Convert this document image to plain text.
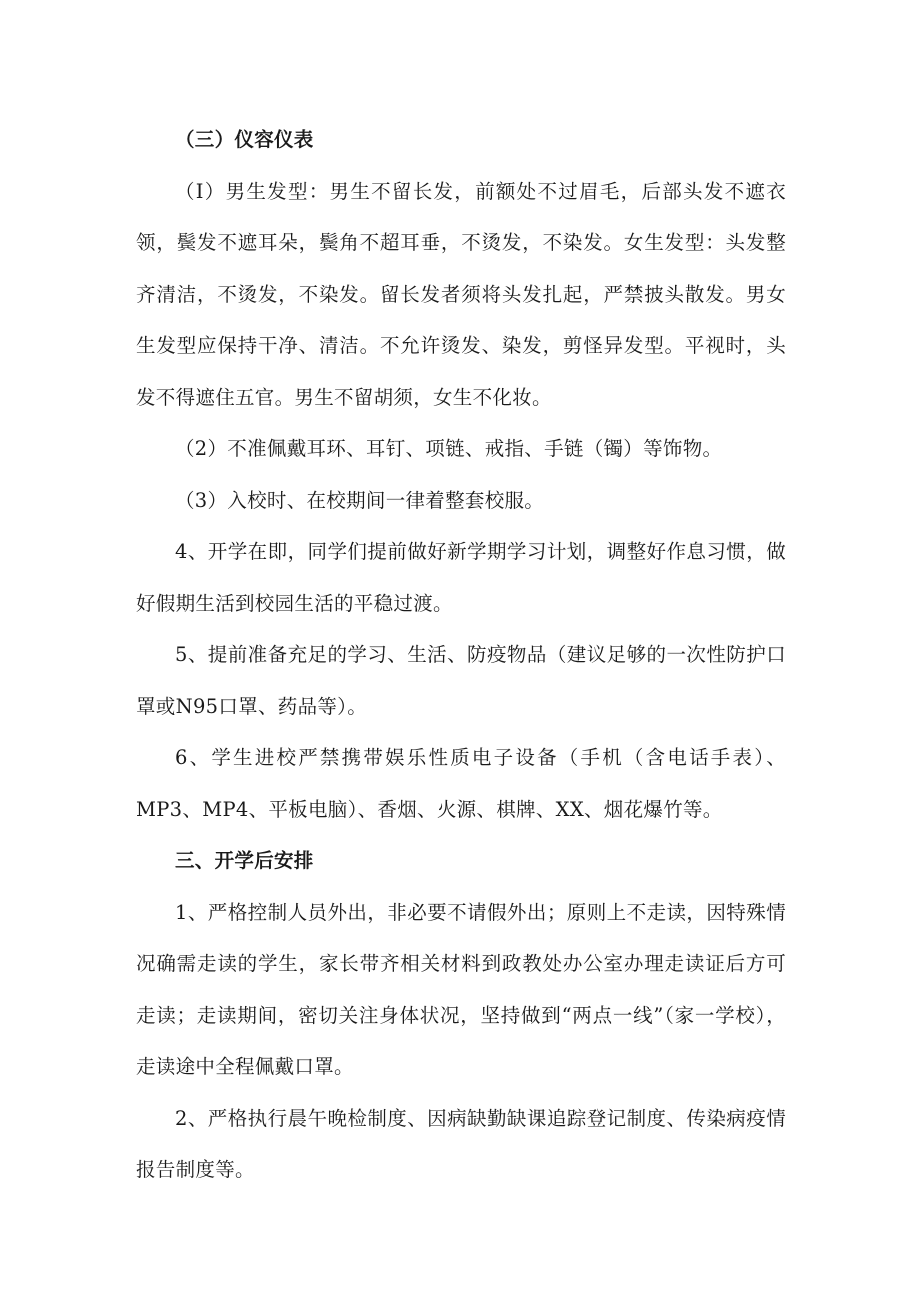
（三）仪容仪表

（I）男生发型：男生不留长发，前额处不过眉毛，后部头发不遮衣领，鬓发不遮耳朵，鬓角不超耳垂，不烫发，不染发。女生发型：头发整齐清洁，不烫发，不染发。留长发者须将头发扎起，严禁披头散发。男女生发型应保持干净、清洁。不允许烫发、染发，剪怪异发型。平视时，头发不得遮住五官。男生不留胡须，女生不化妆。

（2）不准佩戴耳环、耳钉、项链、戒指、手链（镯）等饰物。

（3）入校时、在校期间一律着整套校服。

4、开学在即，同学们提前做好新学期学习计划，调整好作息习惯，做好假期生活到校园生活的平稳过渡。

5、提前准备充足的学习、生活、防疫物品（建议足够的一次性防护口罩或N95口罩、药品等）。

6、学生进校严禁携带娱乐性质电子设备（手机（含电话手表）、MP3、MP4、平板电脑）、香烟、火源、棋牌、XX、烟花爆竹等。

三、开学后安排

1、严格控制人员外出，非必要不请假外出；原则上不走读，因特殊情况确需走读的学生，家长带齐相关材料到政教处办公室办理走读证后方可走读；走读期间，密切关注身体状况，坚持做到“两点一线”（家一学校），走读途中全程佩戴口罩。

2、严格执行晨午晚检制度、因病缺勤缺课追踪登记制度、传染病疫情报告制度等。
